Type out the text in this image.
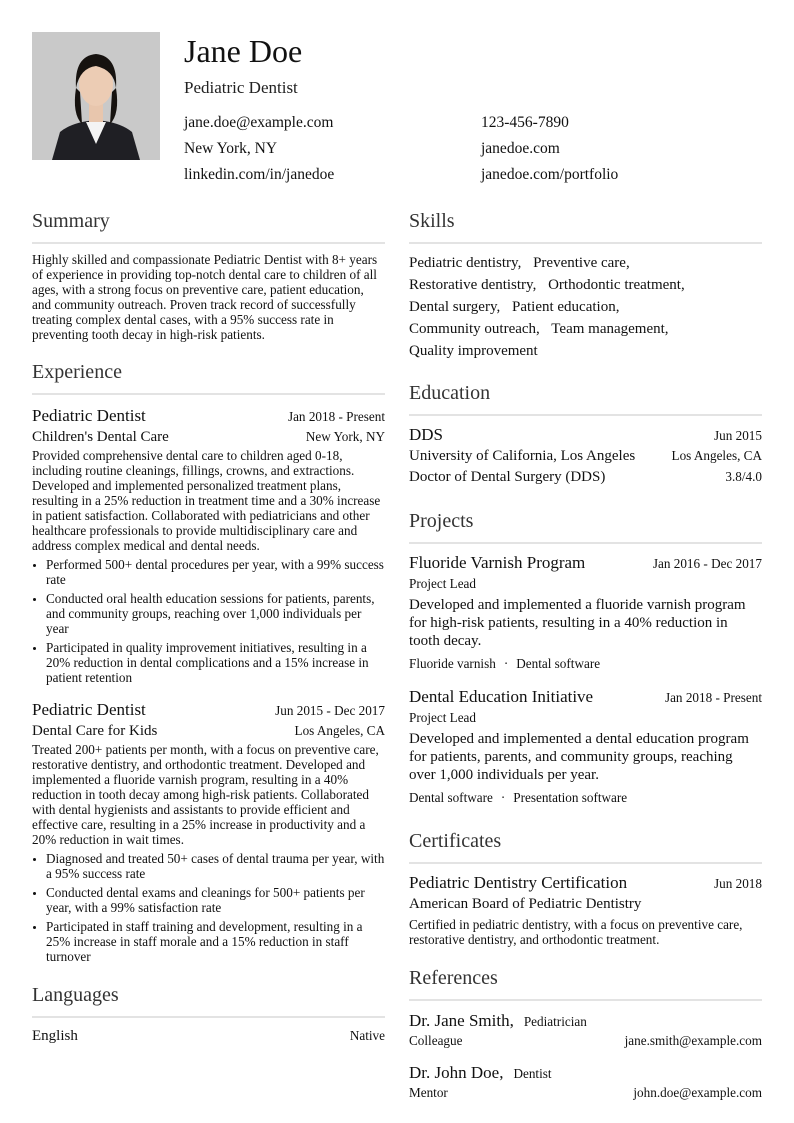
Jane Doe
Pediatric Dentist
jane.doe@example.com	123-456-7890
New York, NY	janedoe.com
linkedin.com/in/janedoe	janedoe.com/portfolio
Summary
Highly skilled and compassionate Pediatric Dentist with 8+ years of experience in providing top-notch dental care to children of all ages, with a strong focus on preventive care, patient education, and community outreach. Proven track record of successfully treating complex dental cases, with a 95% success rate in preventing tooth decay in high-risk patients.
Experience
Pediatric Dentist	Jan 2018 - Present
Children's Dental Care	New York, NY
Provided comprehensive dental care to children aged 0-18, including routine cleanings, fillings, crowns, and extractions. Developed and implemented personalized treatment plans, resulting in a 25% reduction in treatment time and a 30% increase in patient satisfaction. Collaborated with pediatricians and other healthcare professionals to provide multidisciplinary care and address complex medical and dental needs.
• Performed 500+ dental procedures per year, with a 99% success rate
• Conducted oral health education sessions for patients, parents, and community groups, reaching over 1,000 individuals per year
• Participated in quality improvement initiatives, resulting in a 20% reduction in dental complications and a 15% increase in patient retention
Pediatric Dentist	Jun 2015 - Dec 2017
Dental Care for Kids	Los Angeles, CA
Treated 200+ patients per month, with a focus on preventive care, restorative dentistry, and orthodontic treatment. Developed and implemented a fluoride varnish program, resulting in a 40% reduction in tooth decay among high-risk patients. Collaborated with dental hygienists and assistants to provide efficient and effective care, resulting in a 25% increase in productivity and a 20% reduction in wait times.
• Diagnosed and treated 50+ cases of dental trauma per year, with a 95% success rate
• Conducted dental exams and cleanings for 500+ patients per year, with a 99% satisfaction rate
• Participated in staff training and development, resulting in a 25% increase in staff morale and a 15% reduction in staff turnover
Languages
English	Native
Skills
Pediatric dentistry, Preventive care,
Restorative dentistry, Orthodontic treatment,
Dental surgery, Patient education,
Community outreach, Team management,
Quality improvement
Education
DDS	Jun 2015
University of California, Los Angeles	Los Angeles, CA
Doctor of Dental Surgery (DDS)	3.8/4.0
Projects
Fluoride Varnish Program	Jan 2016 - Dec 2017
Project Lead
Developed and implemented a fluoride varnish program for high-risk patients, resulting in a 40% reduction in tooth decay.
Fluoride varnish · Dental software
Dental Education Initiative	Jan 2018 - Present
Project Lead
Developed and implemented a dental education program for patients, parents, and community groups, reaching over 1,000 individuals per year.
Dental software · Presentation software
Certificates
Pediatric Dentistry Certification	Jun 2018
American Board of Pediatric Dentistry
Certified in pediatric dentistry, with a focus on preventive care, restorative dentistry, and orthodontic treatment.
References
Dr. Jane Smith, Pediatrician
Colleague	jane.smith@example.com
Dr. John Doe, Dentist
Mentor	john.doe@example.com
